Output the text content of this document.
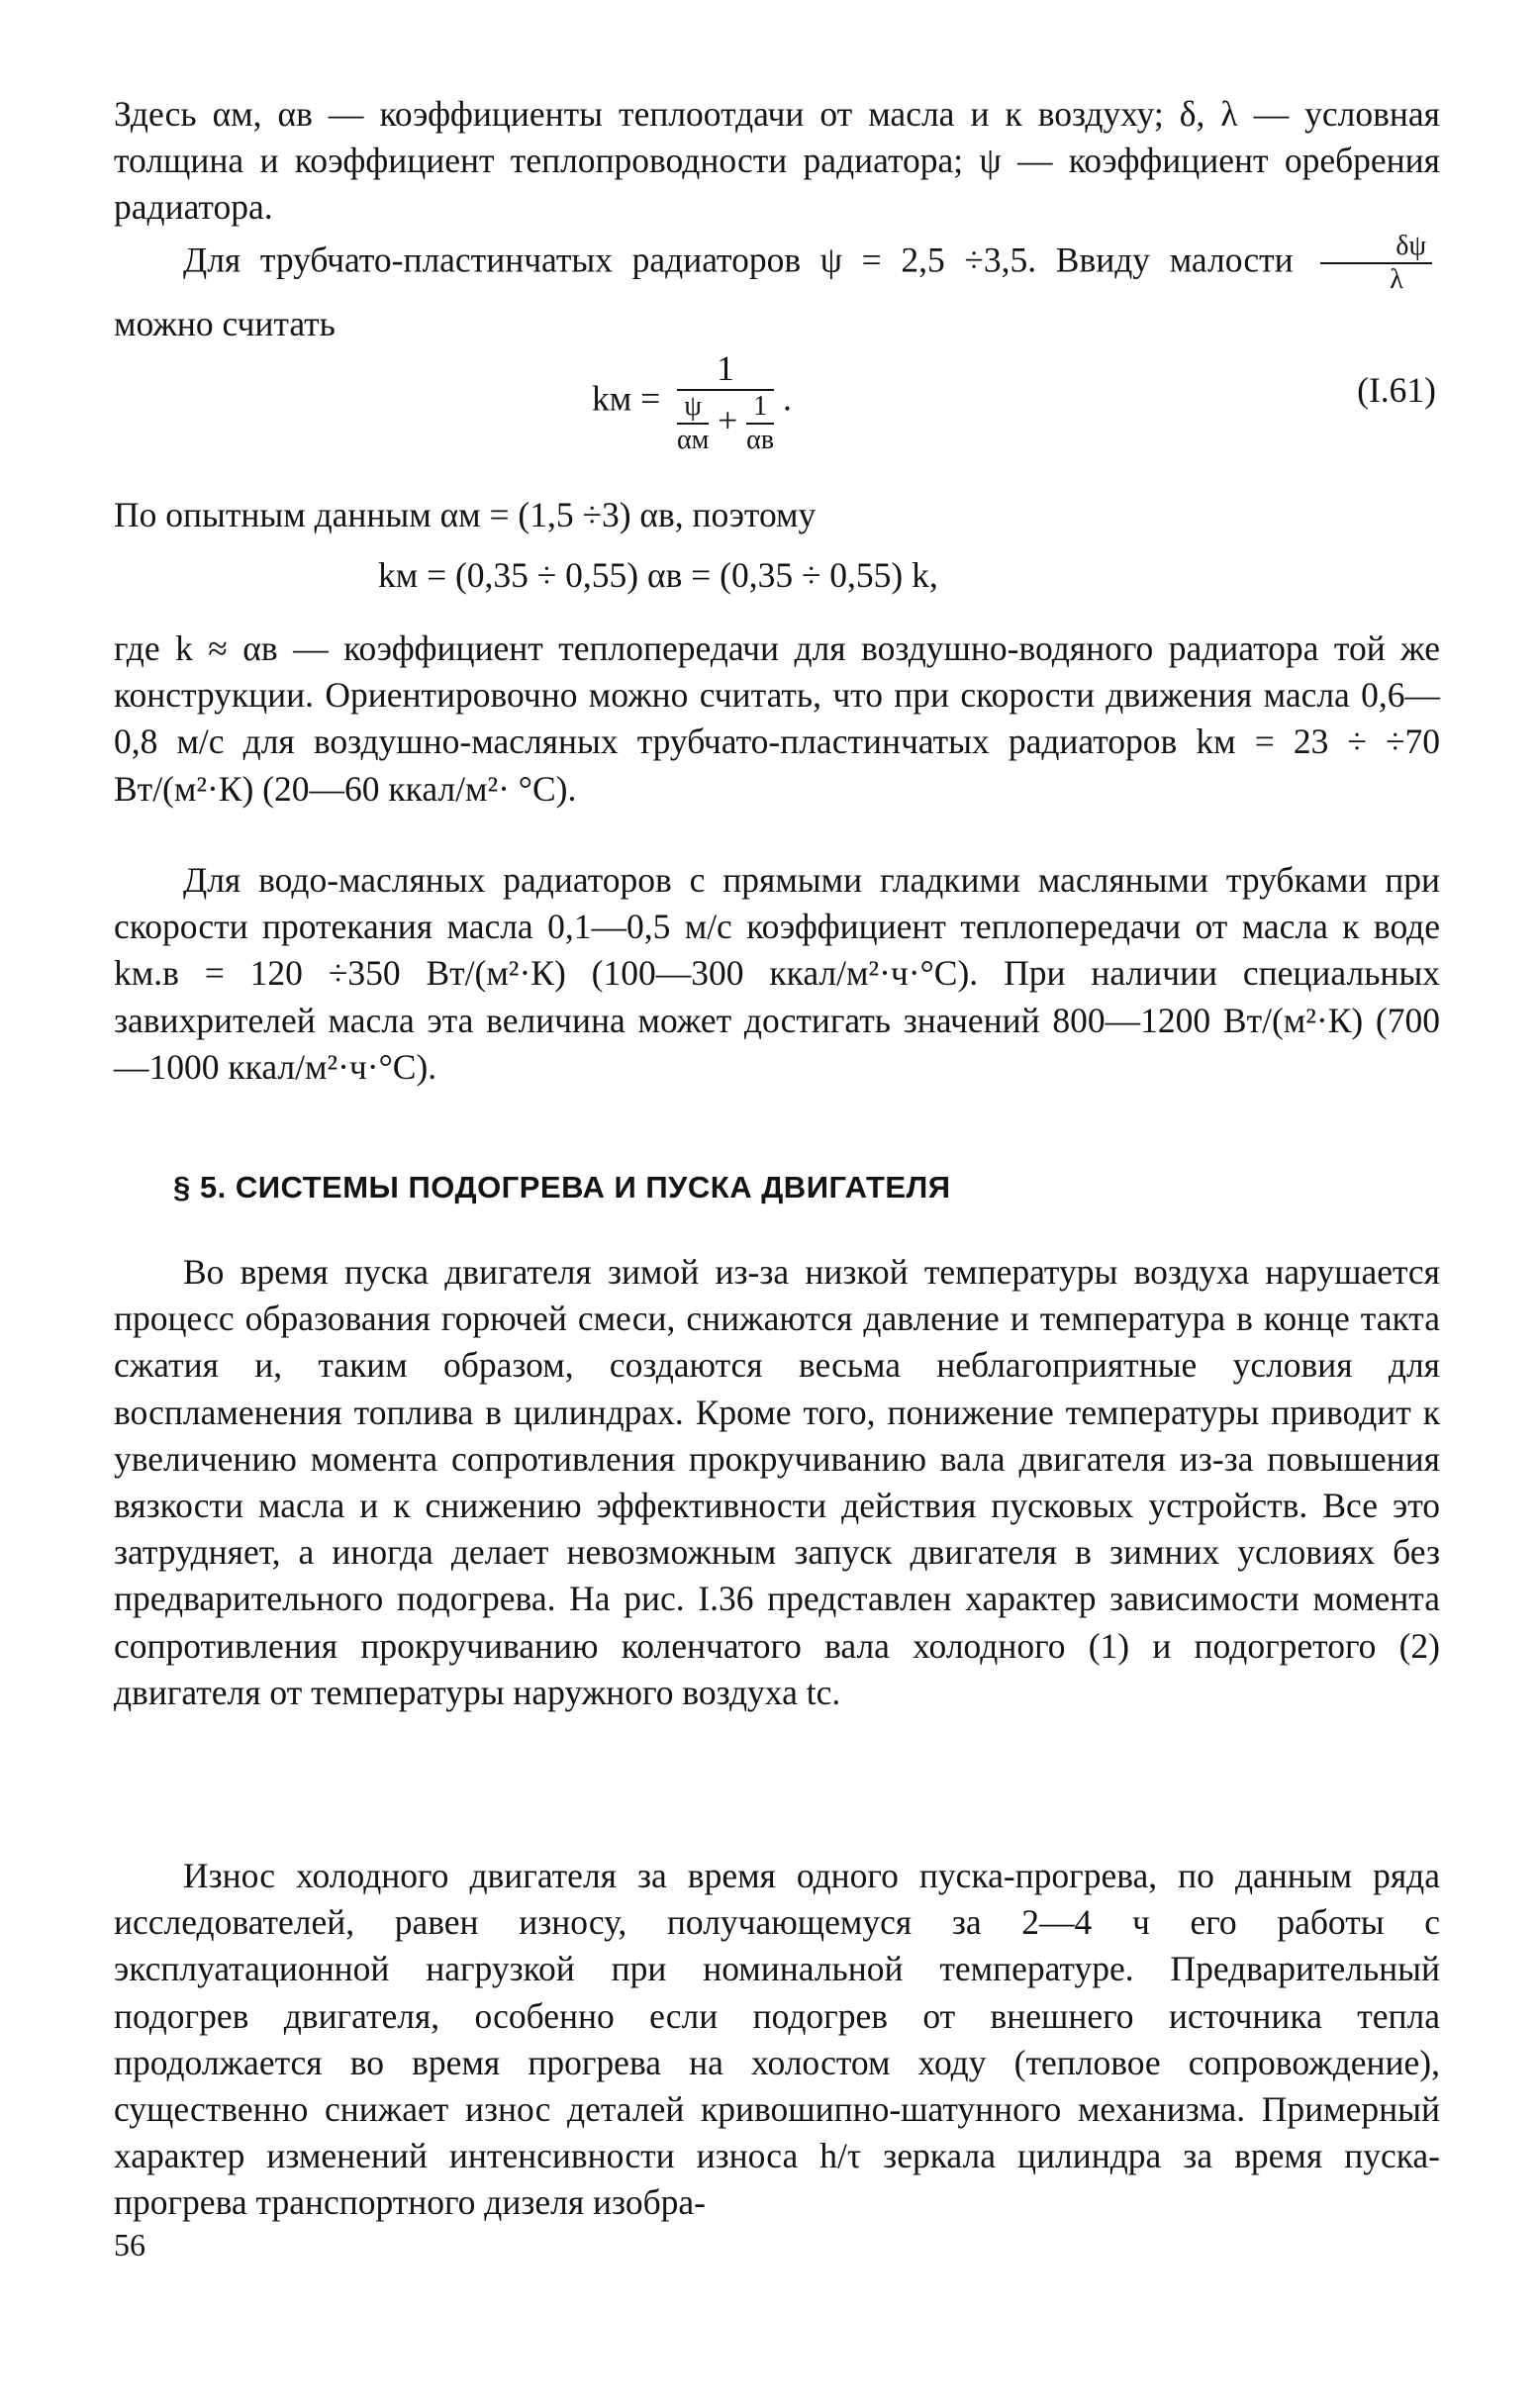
Здесь αм, αв — коэффициенты теплоотдачи от масла и к воздуху; δ, λ — условная толщина и коэффициент теплопроводности радиатора; ψ — коэффициент оребрения радиатора.

Для трубчато-пластинчатых радиаторов ψ = 2,5 ÷3,5. Ввиду малости $\frac{\delta\psi}{\lambda}$
можно считать

kм =
1
$\frac{\psi}{\alpha м} + \frac{1}{\alpha в}$ .	(I.61)

По опытным данным αм = (1,5 ÷3) αв, поэтому

kм = (0,35 ÷ 0,55) αв = (0,35 ÷ 0,55) k,

где k ≈ αв — коэффициент теплопередачи для воздушно-водяного радиатора той же конструкции. Ориентировочно можно считать, что при скорости движения масла 0,6—0,8 м/с для воздушно-масляных трубчато-пластинчатых радиаторов kм = 23 ÷ ÷70 Вт/(м²·К) (20—60 ккал/м²· °С).

Для водо-масляных радиаторов с прямыми гладкими масляными трубками при скорости протекания масла 0,1—0,5 м/с коэффициент теплопередачи от масла к воде kм.в = 120 ÷350 Вт/(м²·К) (100—300 ккал/м²·ч·°С). При наличии специальных завихрителей масла эта величина может достигать значений 800—1200 Вт/(м²·К) (700—1000 ккал/м²·ч·°С).

§ 5. СИСТЕМЫ ПОДОГРЕВА И ПУСКА ДВИГАТЕЛЯ

Во время пуска двигателя зимой из-за низкой температуры воздуха нарушается процесс образования горючей смеси, снижаются давление и температура в конце такта сжатия и, таким образом, создаются весьма неблагоприятные условия для воспламенения топлива в цилиндрах. Кроме того, понижение температуры приводит к увеличению момента сопротивления прокручиванию вала двигателя из-за повышения вязкости масла и к снижению эффективности действия пусковых устройств. Все это затрудняет, а иногда делает невозможным запуск двигателя в зимних условиях без предварительного подогрева. На рис. I.36 представлен характер зависимости момента сопротивления прокручиванию коленчатого вала холодного (1) и подогретого (2) двигателя от температуры наружного воздуха tс.

Износ холодного двигателя за время одного пуска-прогрева, по данным ряда исследователей, равен износу, получающемуся за 2—4 ч его работы с эксплуатационной нагрузкой при номинальной температуре. Предварительный подогрев двигателя, особенно если подогрев от внешнего источника тепла продолжается во время прогрева на холостом ходу (тепловое сопровождение), существенно снижает износ деталей кривошипно-шатунного механизма. Примерный характер изменений интенсивности износа h/τ зеркала цилиндра за время пуска-прогрева транспортного дизеля изобра-

56
